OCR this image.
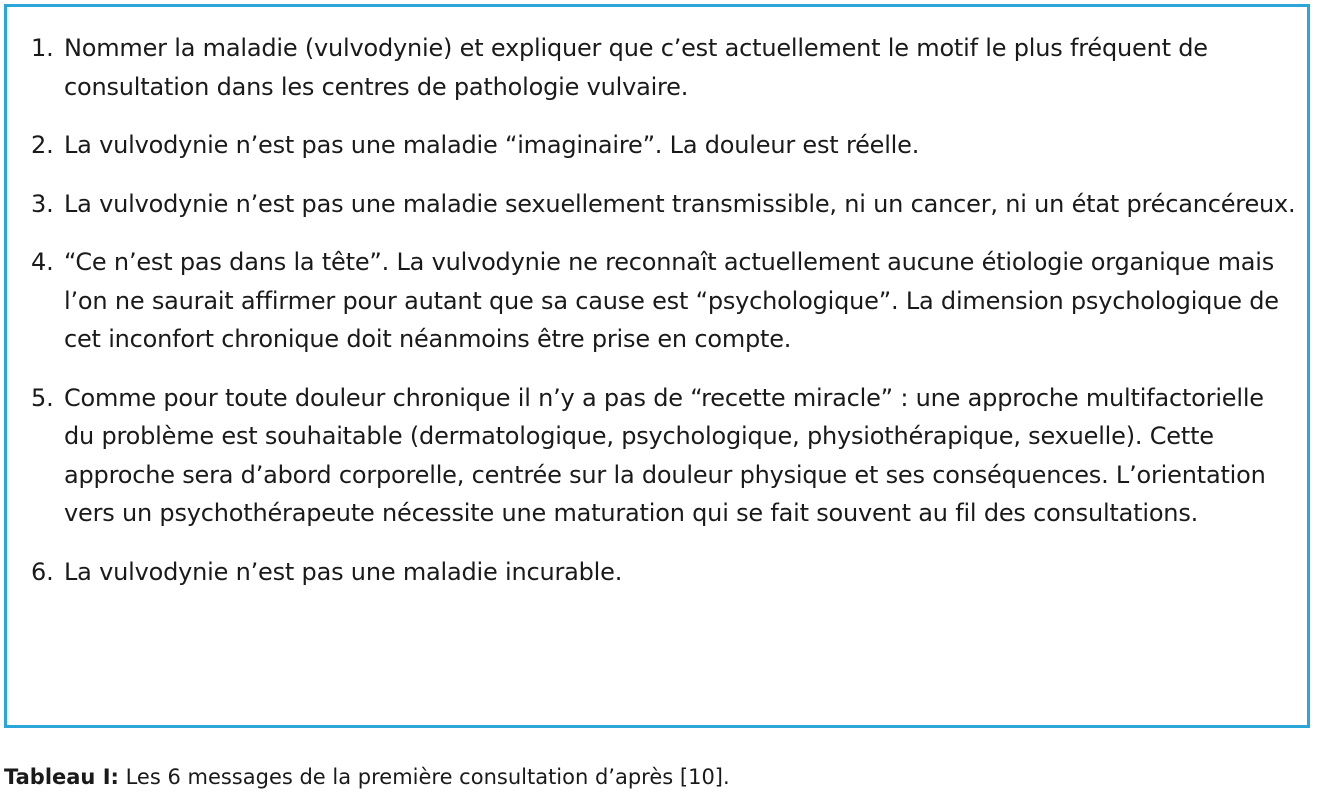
1. Nommer la maladie (vulvodynie) et expliquer que c’est actuellement le motif le plus fréquent de consultation dans les centres de pathologie vulvaire.
2. La vulvodynie n’est pas une maladie “imaginaire”. La douleur est réelle.
3. La vulvodynie n’est pas une maladie sexuellement transmissible, ni un cancer, ni un état précancéreux.
4. “Ce n’est pas dans la tête”. La vulvodynie ne reconnaît actuellement aucune étiologie organique mais l’on ne saurait affirmer pour autant que sa cause est “psychologique”. La dimension psychologique de cet inconfort chronique doit néanmoins être prise en compte.
5. Comme pour toute douleur chronique il n’y a pas de “recette miracle” : une approche multifactorielle du problème est souhaitable (dermatologique, psychologique, physiothérapique, sexuelle). Cette approche sera d’abord corporelle, centrée sur la douleur physique et ses conséquences. L’orientation vers un psychothérapeute nécessite une maturation qui se fait souvent au fil des consultations.
6. La vulvodynie n’est pas une maladie incurable.
Tableau I: Les 6 messages de la première consultation d’après [10].
